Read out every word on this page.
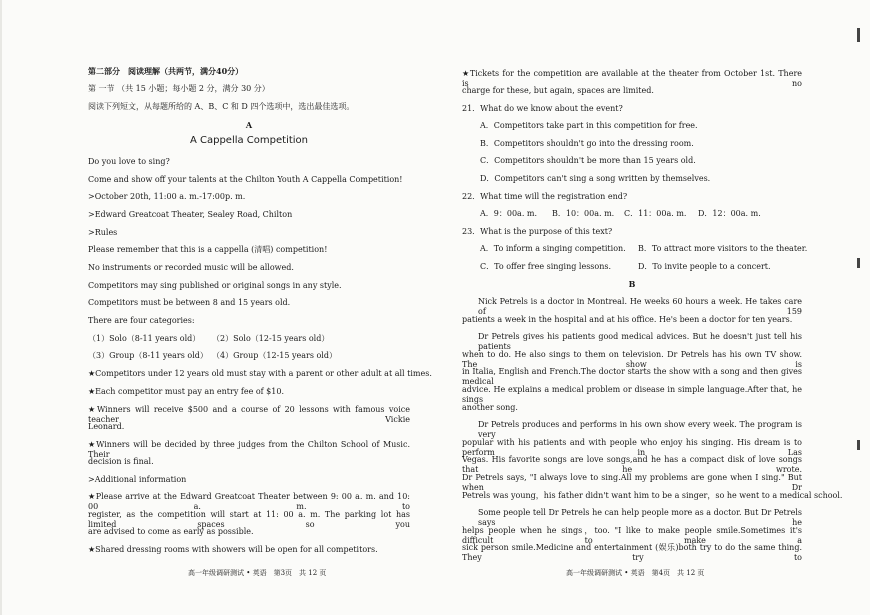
第二部分　阅读理解（共两节，满分40分）
第 一节 （共 15 小题；每小题 2 分，满分 30 分）
阅读下列短文，从每题所给的 A、B、C 和 D 四个选项中，选出最佳选项。
A
A Cappella Competition
Do you love to sing?
Come and show off your talents at the Chilton Youth A Cappella Competition!
>October 20th, 11:00 a. m.-17:00p. m.
>Edward Greatcoat Theater, Sealey Road, Chilton
>Rules
Please remember that this is a cappella (清唱) competition!
No instruments or recorded music will be allowed.
Competitors may sing published or original songs in any style.
Competitors must be between 8 and 15 years old.
There are four categories:
（1）Solo（8-11 years old） （2）Solo（12-15 years old）
（3）Group（8-11 years old） （4）Group（12-15 years old）
★Competitors under 12 years old must stay with a parent or other adult at all times.
★Each competitor must pay an entry fee of $10.
★Winners will receive $500 and a course of 20 lessons with famous voice teacher Vickie
Leonard.
★Winners will be decided by three judges from the Chilton School of Music. Their
decision is final.
>Additional information
★Please arrive at the Edward Greatcoat Theater between 9: 00 a. m. and 10: 00 a. m. to
register, as the competition will start at 11: 00 a. m. The parking lot has limited spaces so you
are advised to come as early as possible.
★Shared dressing rooms with showers will be open for all competitors.
高一年级调研测试 • 英语　第3页　共 12 页
★Tickets for the competition are available at the theater from October 1st. There is no
charge for these, but again, spaces are limited.
21．What do we know about the event?
A．Competitors take part in this competition for free.
B．Competitors shouldn't go into the dressing room.
C．Competitors shouldn't be more than 15 years old.
D．Competitors can't sing a song written by themselves.
22．What time will the registration end?
A．9：00a. m. B．10：00a. m. C．11：00a. m. D．12：00a. m.
23．What is the purpose of this text?
A．To inform a singing competition. B．To attract more visitors to the theater.
C．To offer free singing lessons.	D．To invite people to a concert.
B
Nick Petrels is a doctor in Montreal. He weeks 60 hours a week. He takes care of 159
patients a week in the hospital and at his office. He's been a doctor for ten years.
Dr Petrels gives his patients good medical advices. But he doesn't just tell his patients
when to do. He also sings to them on television. Dr Petrels has his own TV show. The show is
in Italia, English and French.The doctor starts the show with a song and then gives medical
advice. He explains a medical problem or disease in simple language.After that, he sings
another song.
Dr Petrels produces and performs in his own show every week. The program is very
popular with his patients and with people who enjoy his singing. His dream is to perform in Las
Vegas. His favorite songs are love songs,and he has a compact disk of love songs that he wrote.
Dr Petrels says, "I always love to sing.All my problems are gone when I sing." But when Dr
Petrels was young，his father didn't want him to be a singer，so he went to a medical school.
Some people tell Dr Petrels he can help people more as a doctor. But Dr Petrels says he
helps people when he sings，too. "I like to make people smile.Sometimes it's difficult to make a
sick person smile.Medicine and entertainment (娱乐)both try to do the same thing. They try to
高一年级调研测试 • 英语　第4页　共 12 页
